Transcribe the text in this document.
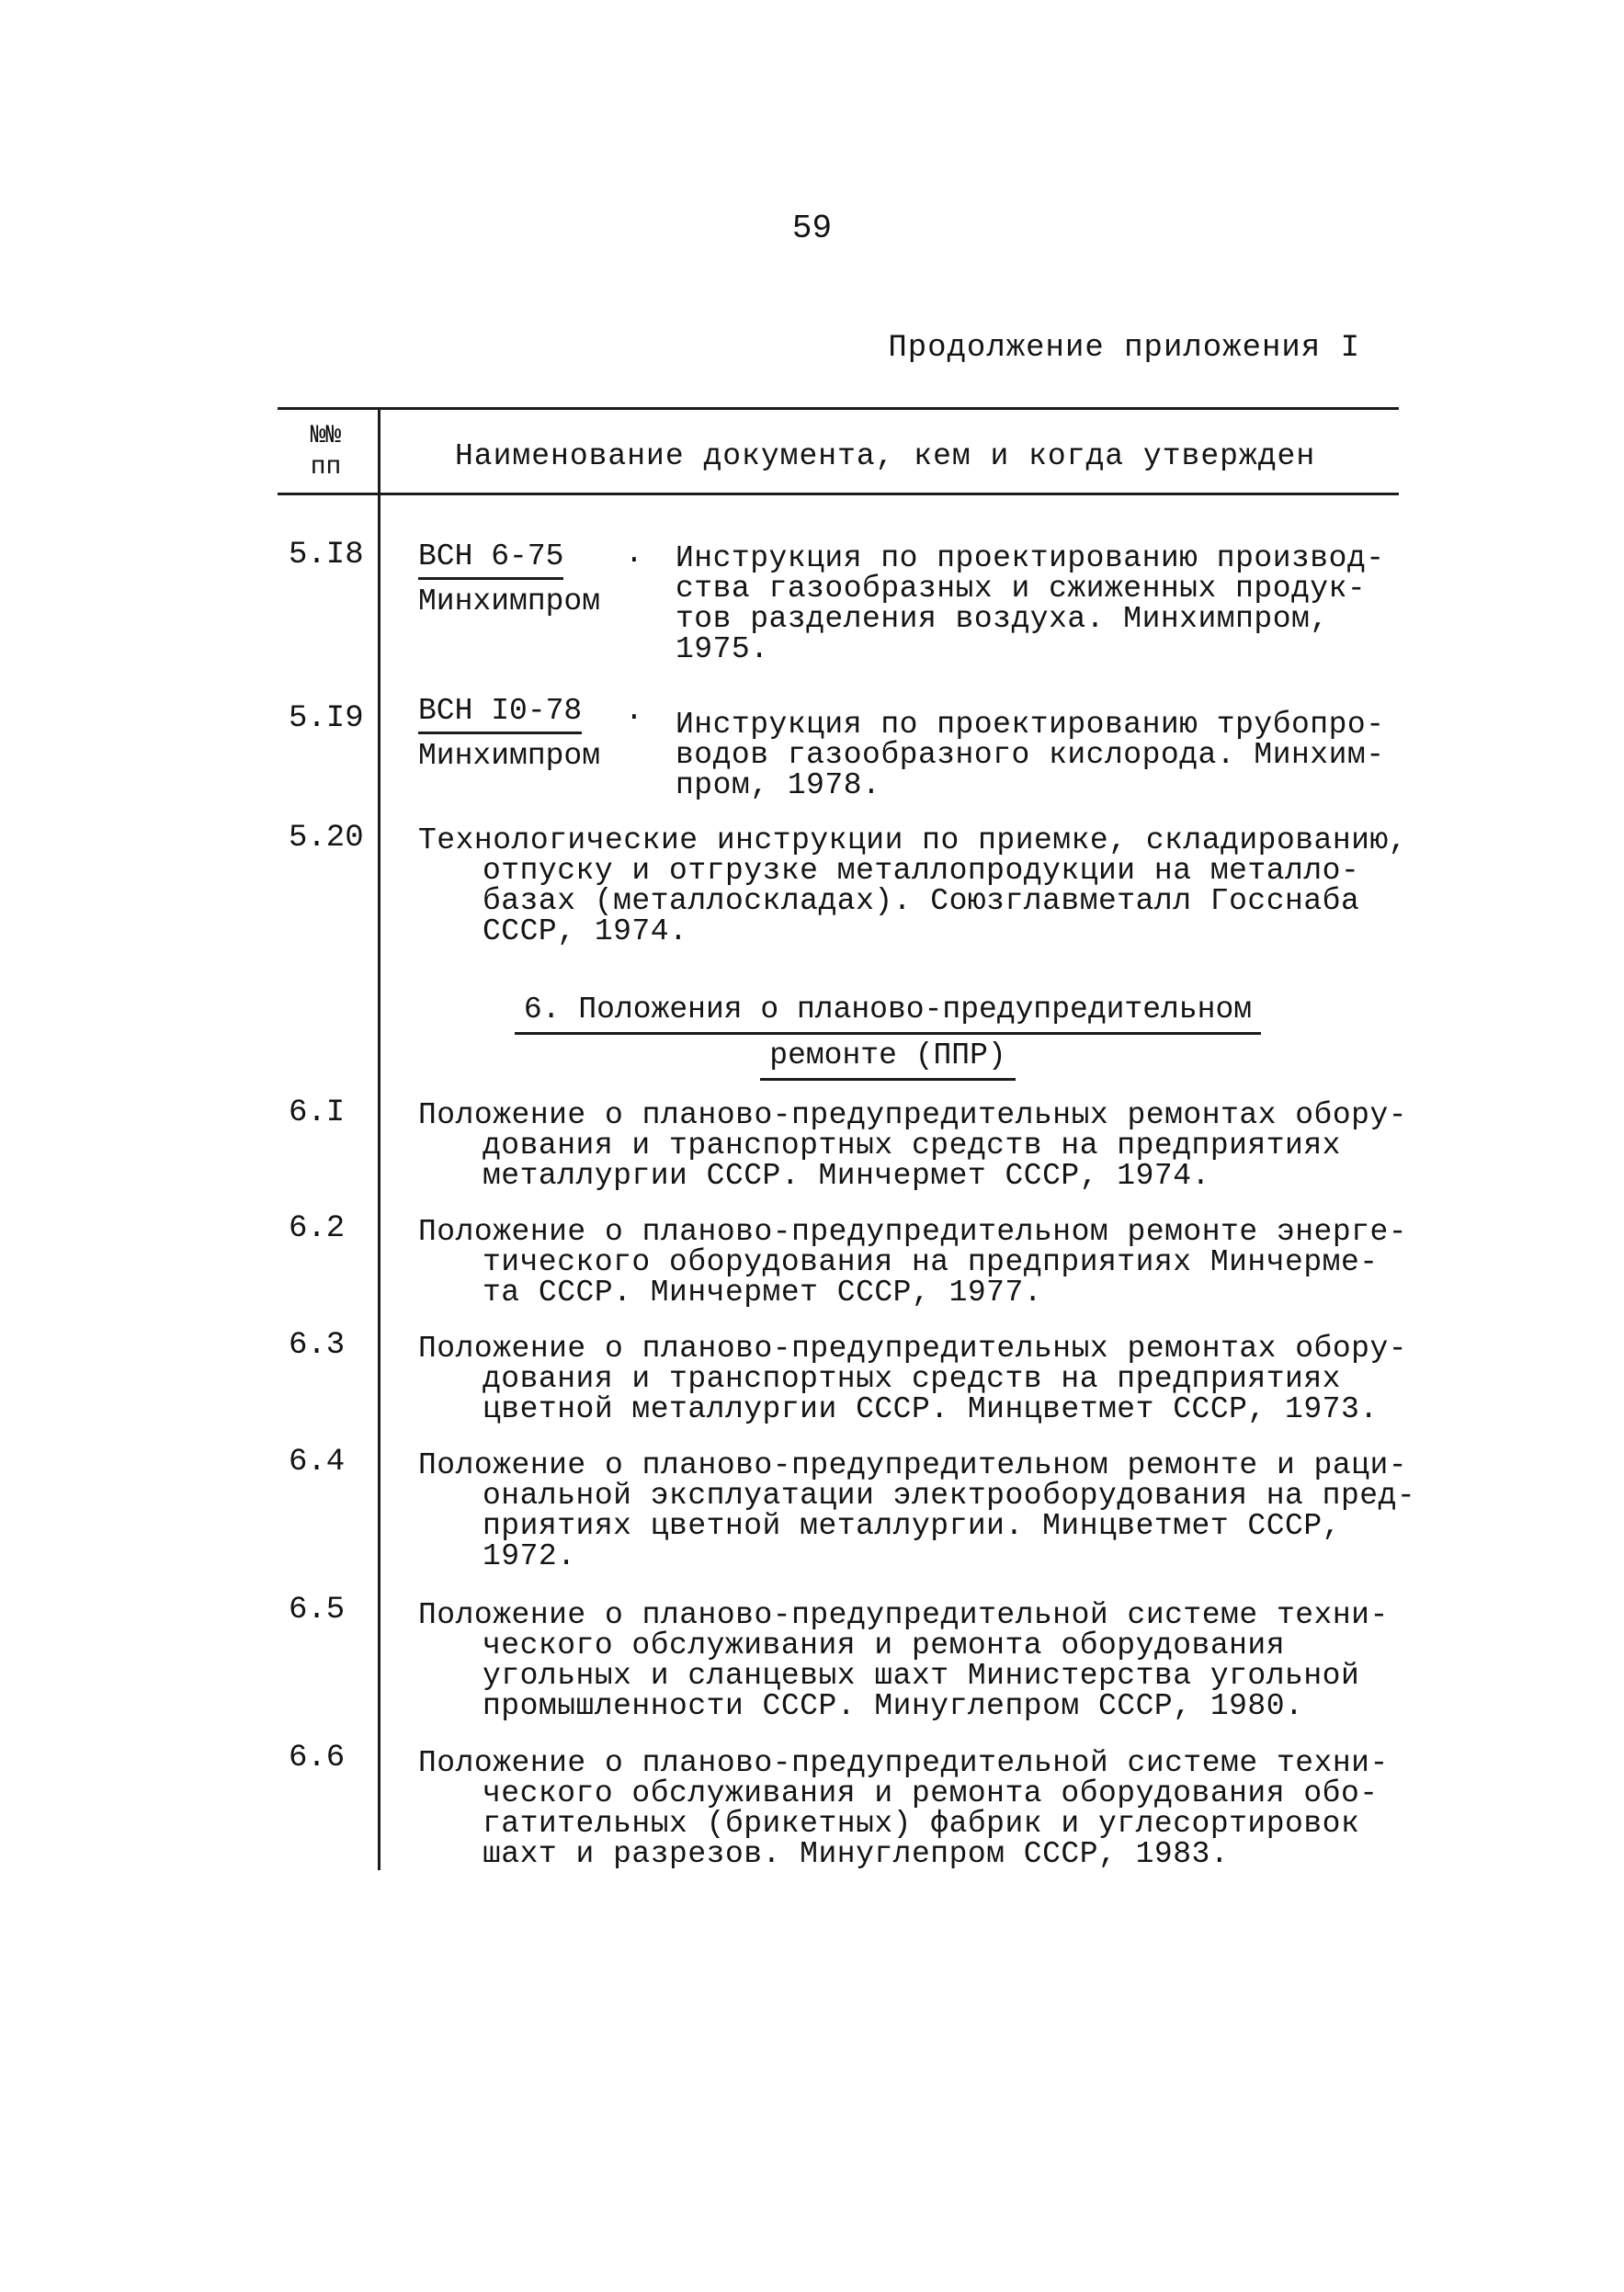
59
Продолжение приложения I
№№
пп	Наименование документа, кем и когда утвержден
5.I8 ВСН 6-75
Минхимпром
. Инструкция по проектированию производ-
ства газообразных и сжиженных продук-
тов разделения воздуха. Минхимпром,
1975.
5.I9 ВСН I0-78
Минхимпром
. Инструкция по проектированию трубопро-
водов газообразного кислорода. Минхим-
пром, 1978.
5.20 Технологические инструкции по приемке, складированию,
отпуску и отгрузке металлопродукции на металло-
базах (металлоскладах). Союзглавметалл Госснаба
СССР, 1974.
6. Положения о планово-предупредительном
ремонте (ППР)
6.I Положение о планово-предупредительных ремонтах обору-
дования и транспортных средств на предприятиях
металлургии СССР. Минчермет СССР, 1974.
6.2 Положение о планово-предупредительном ремонте энерге-
тического оборудования на предприятиях Минчерме-
та СССР. Минчермет СССР, 1977.
6.3 Положение о планово-предупредительных ремонтах обору-
дования и транспортных средств на предприятиях
цветной металлургии СССР. Минцветмет СССР, 1973.
6.4 Положение о планово-предупредительном ремонте и раци-
ональной эксплуатации электрооборудования на пред-
приятиях цветной металлургии. Минцветмет СССР,
1972.
6.5 Положение о планово-предупредительной системе техни-
ческого обслуживания и ремонта оборудования
угольных и сланцевых шахт Министерства угольной
промышленности СССР. Минуглепром СССР, 1980.
6.6 Положение о планово-предупредительной системе техни-
ческого обслуживания и ремонта оборудования обо-
гатительных (брикетных) фабрик и углесортировок
шахт и разрезов. Минуглепром СССР, 1983.
